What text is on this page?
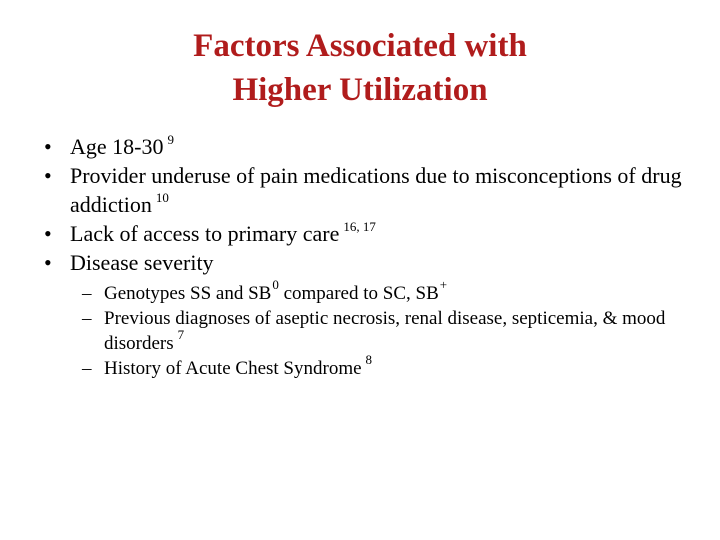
Factors Associated with
Higher Utilization
• Age 18-30 $^9$
• Provider underuse of pain medications due to misconceptions of drug addiction $^{10}$
• Lack of access to primary care $^{16, 17}$
• Disease severity
– Genotypes SS and $SB^0$ compared to SC, SB+
– Previous diagnoses of aseptic necrosis, renal disease, septicemia, & mood disorders $^7$
– History of Acute Chest Syndrome $^8$
